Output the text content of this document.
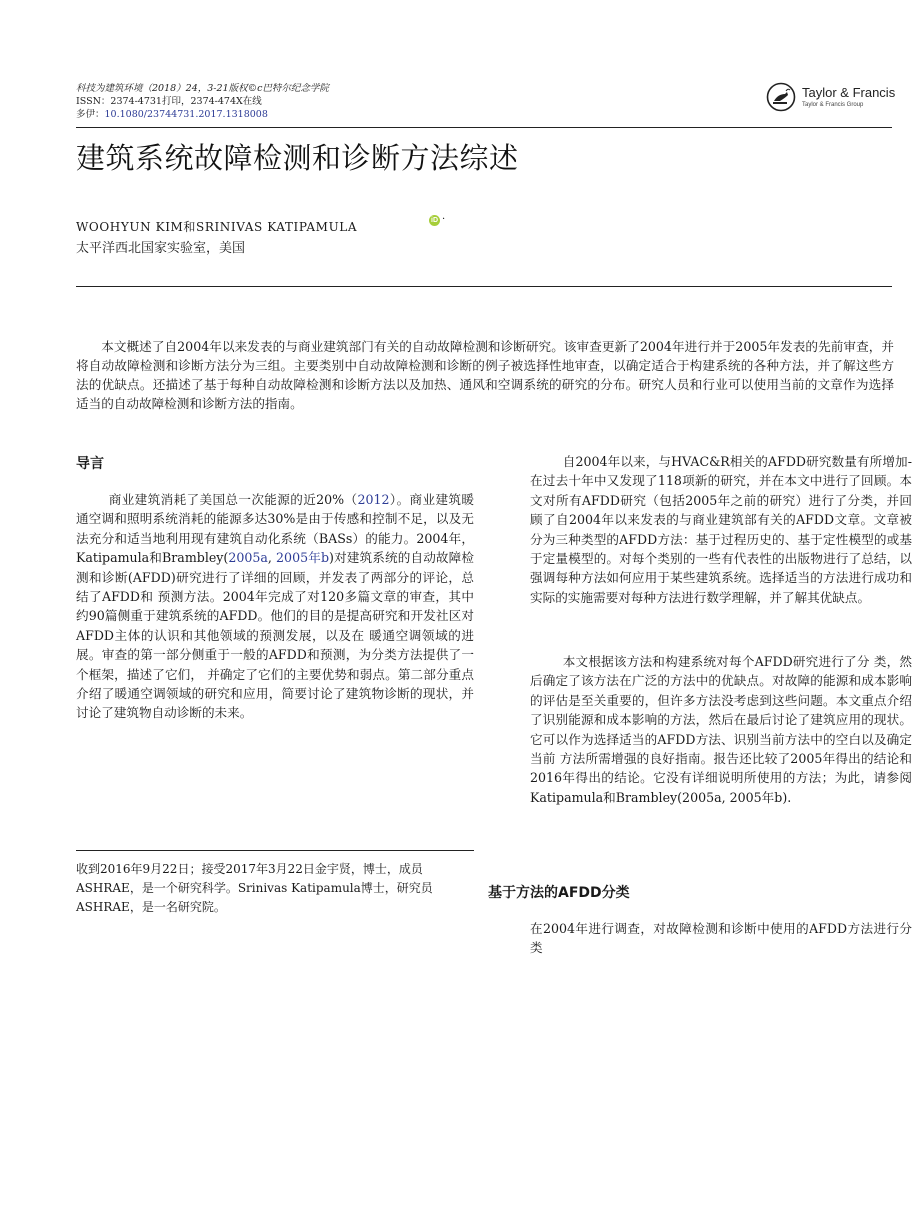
科技为建筑环境（2018）24，3-21版权©c巴特尔纪念学院
ISSN：2374-4731打印，2374-474X在线
多伊：10.1080/23744731.2017.1318008
Taylor & Francis
Taylor & Francis Group
建筑系统故障检测和诊断方法综述
WOOHYUN KIM和SRINIVAS KATIPAMULA	iD ·
太平洋西北国家实验室，美国
本文概述了自2004年以来发表的与商业建筑部门有关的自动故障检测和诊断研究。该审查更新了2004年进行并于2005年发表的先前审查，并将自动故障检测和诊断方法分为三组。主要类别中自动故障检测和诊断的例子被选择性地审查，以确定适合于构建系统的各种方法，并了解这些方法的优缺点。还描述了基于每种自动故障检测和诊断方法以及加热、通风和空调系统的研究的分布。研究人员和行业可以使用当前的文章作为选择适当的自动故障检测和诊断方法的指南。
导言
商业建筑消耗了美国总一次能源的近20%（2012）。商业建筑暖通空调和照明系统消耗的能源多达30%是由于传感和控制不足，以及无法充分和适当地利用现有建筑自动化系统（BASs）的能力。2004年，Katipamula和Brambley(2005a, 2005年b)对建筑系统的自动故障检测和诊断(AFDD)研究进行了详细的回顾，并发表了两部分的评论，总结了AFDD和 预测方法。2004年完成了对120多篇文章的审查，其中约90篇侧重于建筑系统的AFDD。他们的目的是提高研究和开发社区对AFDD主体的认识和其他领域的预测发展，以及在 暖通空调领域的进展。审查的第一部分侧重于一般的AFDD和预测，为分类方法提供了一个框架，描述了它们， 并确定了它们的主要优势和弱点。第二部分重点介绍了暖通空调领域的研究和应用，简要讨论了建筑物诊断的现状，并讨论了建筑物自动诊断的未来。
收到2016年9月22日；接受2017年3月22日金宇贤，博士，成员ASHRAE，是一个研究科学。Srinivas Katipamula博士，研究员ASHRAE，是一名研究院。
自2004年以来，与HVAC&R相关的AFDD研究数量有所增加- 在过去十年中又发现了118项新的研究，并在本文中进行了回顾。本文对所有AFDD研究（包括2005年之前的研究）进行了分类，并回顾了自2004年以来发表的与商业建筑部有关的AFDD文章。文章被分为三种类型的AFDD方法：基于过程历史的、基于定性模型的或基于定量模型的。对每个类别的一些有代表性的出版物进行了总结，以强调每种方法如何应用于某些建筑系统。选择适当的方法进行成功和实际的实施需要对每种方法进行数学理解，并了解其优缺点。
本文根据该方法和构建系统对每个AFDD研究进行了分 类，然后确定了该方法在广泛的方法中的优缺点。对故障的能源和成本影响的评估是至关重要的，但许多方法没考虑到这些问题。本文重点介绍了识别能源和成本影响的方法，然后在最后讨论了建筑应用的现状。它可以作为选择适当的AFDD方法、识别当前方法中的空白以及确定当前 方法所需增强的良好指南。报告还比较了2005年得出的结论和2016年得出的结论。它没有详细说明所使用的方法；为此，请参阅Katipamula和Brambley(2005a, 2005年b).
基于方法的AFDD分类
在2004年进行调查，对故障检测和诊断中使用的AFDD方法进行分类
